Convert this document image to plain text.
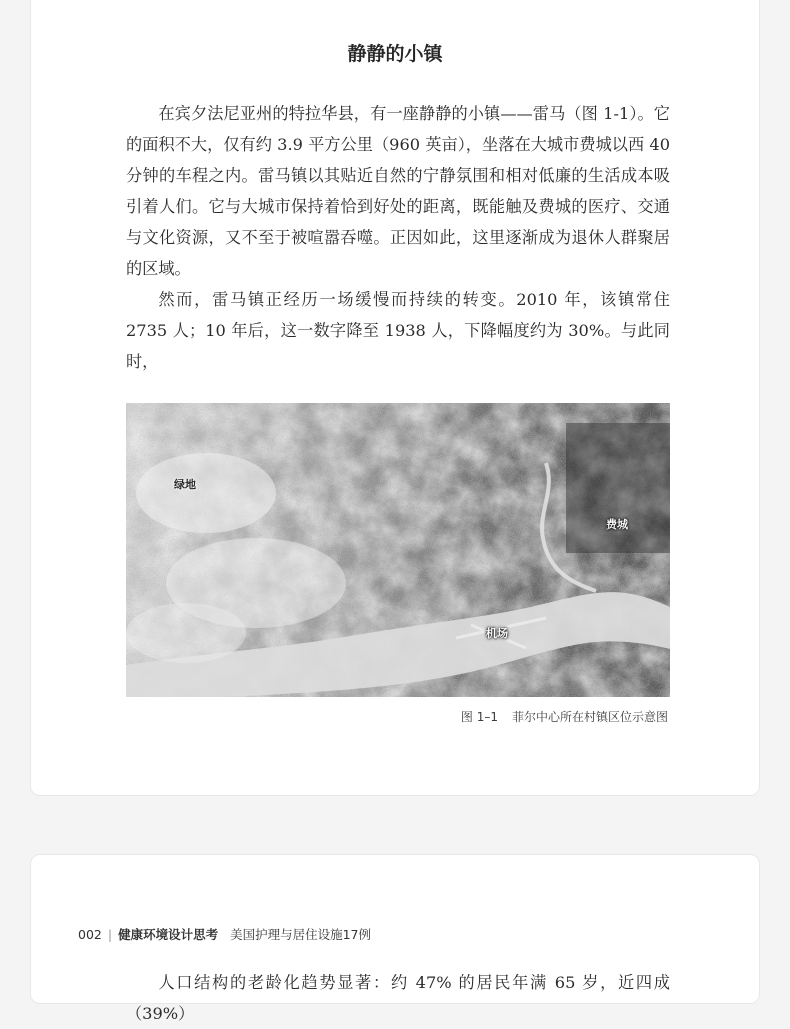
静静的小镇

在宾夕法尼亚州的特拉华县，有一座静静的小镇——雷马（图 1-1）。它的面积不大，仅有约 3.9 平方公里（960 英亩），坐落在大城市费城以西 40 分钟的车程之内。雷马镇以其贴近自然的宁静氛围和相对低廉的生活成本吸引着人们。它与大城市保持着恰到好处的距离，既能触及费城的医疗、交通与文化资源，又不至于被喧嚣吞噬。正因如此，这里逐渐成为退休人群聚居的区域。

然而，雷马镇正经历一场缓慢而持续的转变。2010 年，该镇常住 2735 人；10 年后，这一数字降至 1938 人，下降幅度约为 30%。与此同时，

绿地
费城
机场
图 1–1 菲尔中心所在村镇区位示意图
002 | 健康环境设计思考 美国护理与居住设施17例

人口结构的老龄化趋势显著：约 47% 的居民年满 65 岁，近四成（39%）
